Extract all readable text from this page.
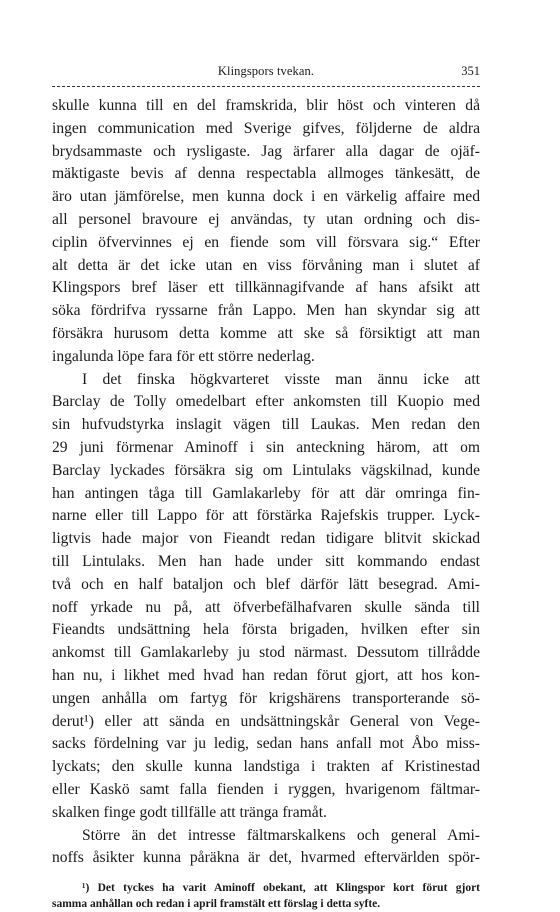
Klingspors tvekan.	351
skulle kunna till en del framskrida, blir höst och vinteren då
ingen communication med Sverige gifves, följderne de aldra
brydsammaste och rysligaste. Jag ärfarer alla dagar de ojäf-
mäktigaste bevis af denna respectabla allmoges tänkesätt, de
äro utan jämförelse, men kunna dock i en värkelig affaire med
all personel bravoure ej användas, ty utan ordning och dis-
ciplin öfvervinnes ej en fiende som vill försvara sig.“ Efter
alt detta är det icke utan en viss förvåning man i slutet af
Klingspors bref läser ett tillkännagifvande af hans afsikt att
söka fördrifva ryssarne från Lappo. Men han skyndar sig att
försäkra hurusom detta komme att ske så försiktigt att man
ingalunda löpe fara för ett större nederlag.
I det finska högkvarteret visste man ännu icke att
Barclay de Tolly omedelbart efter ankomsten till Kuopio med
sin hufvudstyrka inslagit vägen till Laukas. Men redan den
29 juni förmenar Aminoff i sin anteckning härom, att om
Barclay lyckades försäkra sig om Lintulaks vägskilnad, kunde
han antingen tåga till Gamlakarleby för att där omringa fin-
narne eller till Lappo för att förstärka Rajefskis trupper. Lyck-
ligtvis hade major von Fieandt redan tidigare blitvit skickad
till Lintulaks. Men han hade under sitt kommando endast
två och en half bataljon och blef därför lätt besegrad. Ami-
noff yrkade nu på, att öfverbefälhafvaren skulle sända till
Fieandts undsättning hela första brigaden, hvilken efter sin
ankomst till Gamlakarleby ju stod närmast. Dessutom tillrådde
han nu, i likhet med hvad han redan förut gjort, att hos kon-
ungen anhålla om fartyg för krigshärens transporterande sö-
derut¹) eller att sända en undsättningskår General von Vege-
sacks fördelning var ju ledig, sedan hans anfall mot Åbo miss-
lyckats; den skulle kunna landstiga i trakten af Kristinestad
eller Kaskö samt falla fienden i ryggen, hvarigenom fältmar-
skalken finge godt tillfälle att tränga framåt.
Större än det intresse fältmarskalkens och general Ami-
noffs åsikter kunna påräkna är det, hvarmed eftervärlden spör-
¹) Det tyckes ha varit Aminoff obekant, att Klingspor kort förut gjort
samma anhållan och redan i april framstält ett förslag i detta syfte.
